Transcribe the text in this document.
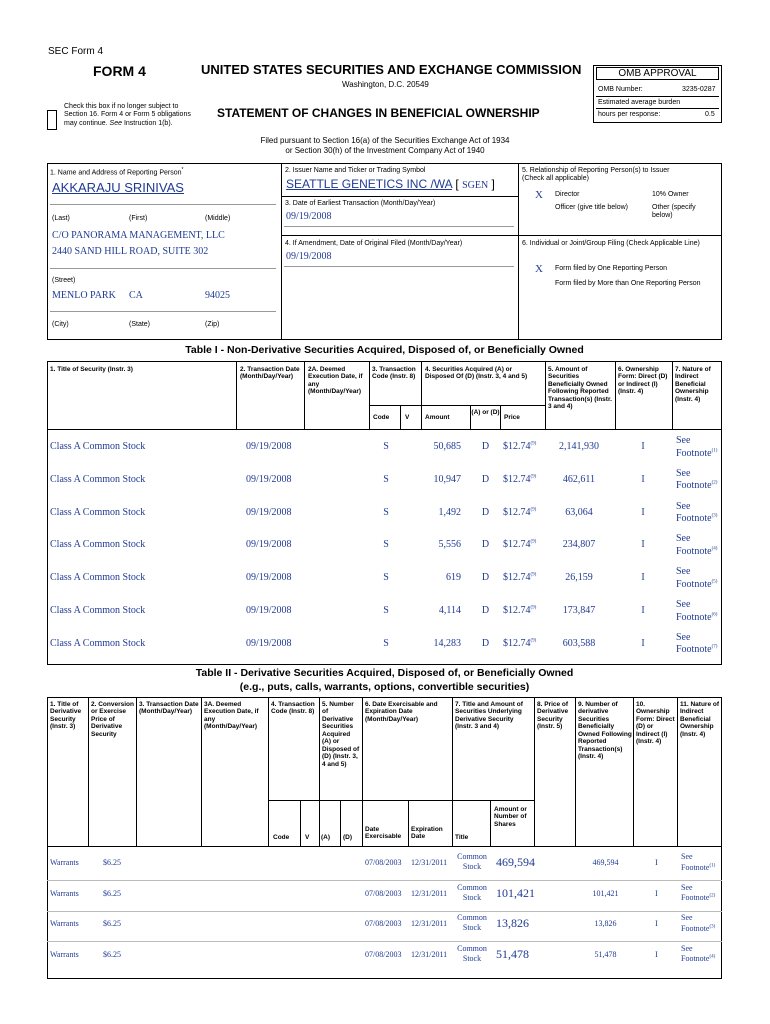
SEC Form 4
FORM 4	UNITED STATES SECURITIES AND EXCHANGE COMMISSION
Washington, D.C. 20549
Check this box if no longer subject to Section 16. Form 4 or Form 5 obligations may continue. See Instruction 1(b).
STATEMENT OF CHANGES IN BENEFICIAL OWNERSHIP
Filed pursuant to Section 16(a) of the Securities Exchange Act of 1934
or Section 30(h) of the Investment Company Act of 1940
OMB APPROVAL
OMB Number:	3235-0287
Estimated average burden
hours per response:	0.5
1. Name and Address of Reporting Person*
AKKARAJU SRINIVAS
(Last)	(First)	(Middle)
C/O PANORAMA MANAGEMENT, LLC
2440 SAND HILL ROAD, SUITE 302
(Street)
MENLO PARK CA	94025
(City)	(State)	(Zip)
2. Issuer Name and Ticker or Trading Symbol
SEATTLE GENETICS INC /WA [ SGEN ]
3. Date of Earliest Transaction (Month/Day/Year)
09/19/2008
4. If Amendment, Date of Original Filed (Month/Day/Year)
09/19/2008
5. Relationship of Reporting Person(s) to Issuer
(Check all applicable)
X Director	10% Owner
Officer (give title below)	Other (specify below)
6. Individual or Joint/Group Filing (Check Applicable Line)
X Form filed by One Reporting Person
Form filed by More than One Reporting Person
Table I - Non-Derivative Securities Acquired, Disposed of, or Beneficially Owned
1. Title of Security (Instr. 3)	2. Transaction Date (Month/Day/Year)
2A. Deemed Execution Date, if any (Month/Day/Year)
3. Transaction Code (Instr. 8)
4. Securities Acquired (A) or Disposed Of (D) (Instr. 3, 4 and 5)
5. Amount of Securities Beneficially Owned Following Reported Transaction(s) (Instr. 3 and 4)
6. Ownership Form: Direct (D) or Indirect (I) (Instr. 4)
7. Nature of Indirect Beneficial Ownership (Instr. 4)
Code V Amount
(A) or (D)
Price
Class A Common Stock	09/19/2008	S	50,685	D	$12.74$^{(9)}$	2,141,930	I
See
Footnote$^{(1)}$
Class A Common Stock	09/19/2008	S	10,947	D	$12.74$^{(9)}$	462,611	I
See
Footnote$^{(2)}$
Class A Common Stock	09/19/2008	S	1,492	D	$12.74$^{(9)}$	63,064	I
See
Footnote$^{(3)}$
Class A Common Stock	09/19/2008	S	5,556	D	$12.74$^{(9)}$	234,807	I
See
Footnote$^{(4)}$
Class A Common Stock	09/19/2008	S	619	D	$12.74$^{(9)}$	26,159	I
See
Footnote$^{(5)}$
Class A Common Stock	09/19/2008	S	4,114	D	$12.74$^{(9)}$	173,847	I
See
Footnote$^{(6)}$
Class A Common Stock	09/19/2008	S	14,283	D	$12.74$^{(9)}$	603,588	I
See
Footnote$^{(7)}$
Table II - Derivative Securities Acquired, Disposed of, or Beneficially Owned
(e.g., puts, calls, warrants, options, convertible securities)
1. Title of Derivative Security (Instr. 3)
2. Conversion or Exercise Price of Derivative Security
3. Transaction Date (Month/Day/Year)
3A. Deemed Execution Date, if any (Month/Day/Year)
4. Transaction Code (Instr. 8)
5. Number of Derivative Securities Acquired (A) or Disposed of (D) (Instr. 3, 4 and 5)
6. Date Exercisable and Expiration Date (Month/Day/Year)
7. Title and Amount of Securities Underlying Derivative Security (Instr. 3 and 4)
8. Price of Derivative Security (Instr. 5)
9. Number of derivative Securities Beneficially Owned Following Reported Transaction(s) (Instr. 4)
10. Ownership Form: Direct (D) or Indirect (I) (Instr. 4)
11. Nature of Indirect Beneficial Ownership (Instr. 4)
Code V (A) (D)
Date Exercisable
Expiration Date	Title
Amount or Number of Shares
Warrants	$6.25	07/08/2003 12/31/2011
Common
Stock	469,594	469,594	I
See
Footnote$^{(1)}$
Warrants	$6.25	07/08/2003 12/31/2011
Common
Stock	101,421	101,421	I
See
Footnote$^{(2)}$
Warrants	$6.25	07/08/2003 12/31/2011
Common
Stock	13,826	13,826	I
See
Footnote$^{(3)}$
Warrants	$6.25	07/08/2003 12/31/2011
Common
Stock	51,478	51,478	I
See
Footnote$^{(4)}$
